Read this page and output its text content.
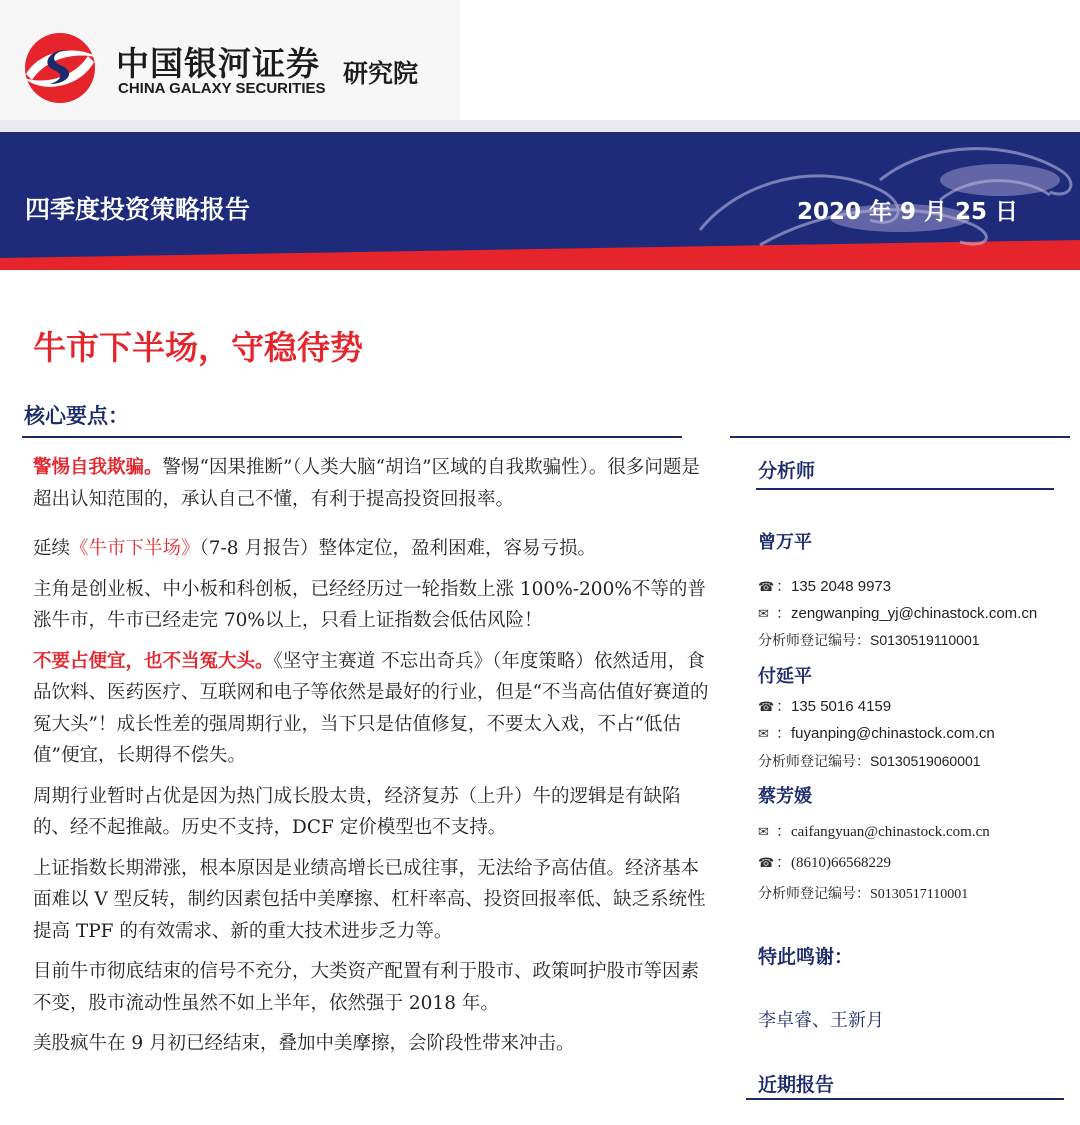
中国银河证券
CHINA GALAXY SECURITIES
研究院
四季度投资策略报告	2020 年 9 月 25 日
牛市下半场，守稳待势
核心要点：

警惕自我欺骗。警惕“因果推断”（人类大脑“胡诌”区域的自我欺骗性）。很多问题是超出认知范围的，承认自己不懂，有利于提高投资回报率。

延续《牛市下半场》（7-8 月报告）整体定位，盈利困难，容易亏损。

主角是创业板、中小板和科创板，已经经历过一轮指数上涨 100%-200%不等的普涨牛市，牛市已经走完 70%以上，只看上证指数会低估风险！

不要占便宜，也不当冤大头。《坚守主赛道 不忘出奇兵》（年度策略）依然适用，食品饮料、医药医疗、互联网和电子等依然是最好的行业，但是“不当高估值好赛道的冤大头”！成长性差的强周期行业，当下只是估值修复，不要太入戏，不占“低估值”便宜，长期得不偿失。

周期行业暂时占优是因为热门成长股太贵，经济复苏（上升）牛的逻辑是有缺陷的、经不起推敲。历史不支持，DCF 定价模型也不支持。

上证指数长期滞涨，根本原因是业绩高增长已成往事，无法给予高估值。经济基本面难以 V 型反转，制约因素包括中美摩擦、杠杆率高、投资回报率低、缺乏系统性提高 TPF 的有效需求、新的重大技术进步乏力等。

目前牛市彻底结束的信号不充分，大类资产配置有利于股市、政策呵护股市等因素不变，股市流动性虽然不如上半年，依然强于 2018 年。

美股疯牛在 9 月初已经结束，叠加中美摩擦，会阶段性带来冲击。

分析师
曾万平
☎ ：135 2048 9973
✉ ：zengwanping_yj@chinastock.com.cn
分析师登记编号：S0130519110001
付延平
☎ ：135 5016 4159
✉ ：fuyanping@chinastock.com.cn
分析师登记编号：S0130519060001
蔡芳媛
✉ ：caifangyuan@chinastock.com.cn
☎ ：(8610)66568229
分析师登记编号：S0130517110001
特此鸣谢：
李卓睿、王新月
近期报告
